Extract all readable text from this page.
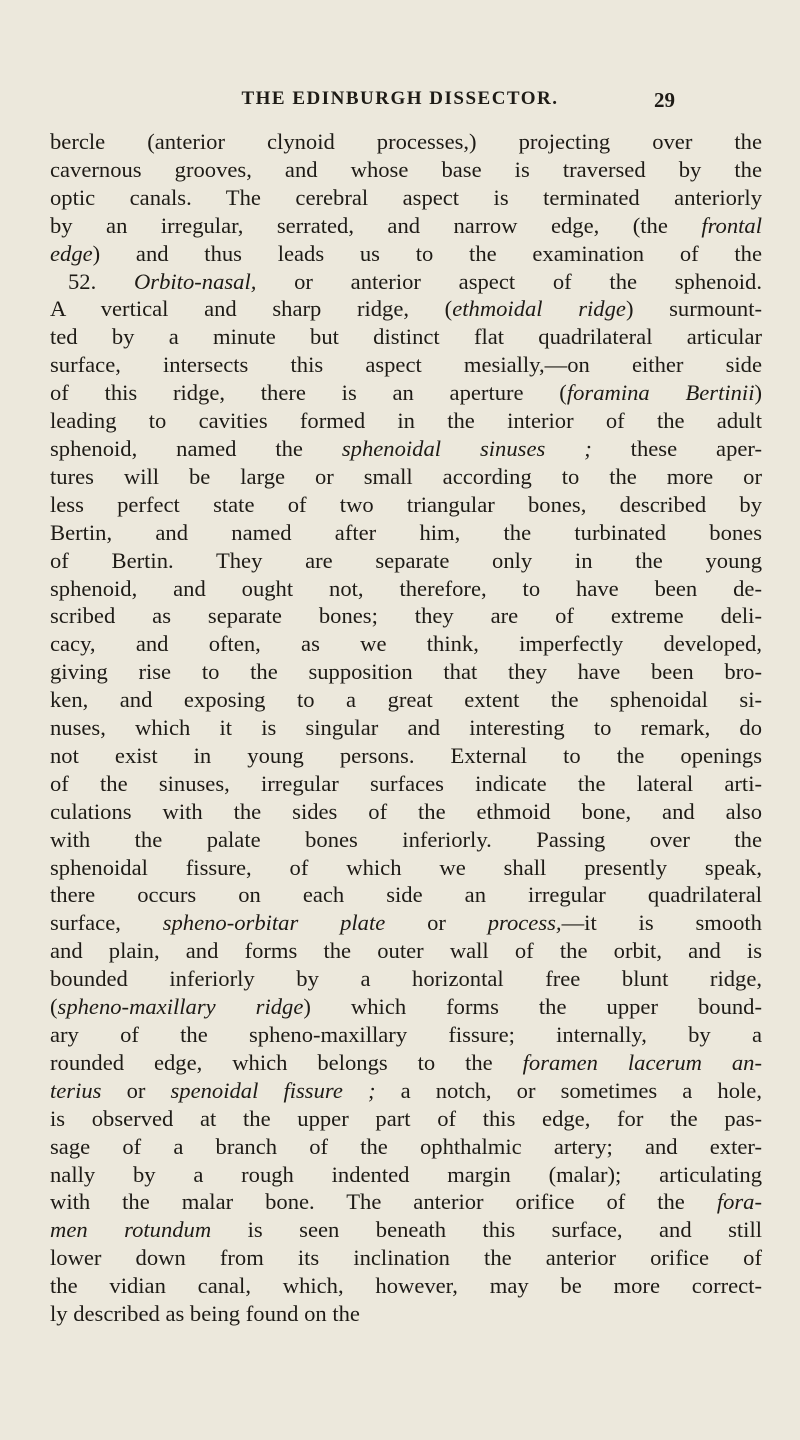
THE EDINBURGH DISSECTOR.	29
bercle (anterior clynoid processes,) projecting over the
cavernous grooves, and whose base is traversed by the
optic canals. The cerebral aspect is terminated anteriorly
by an irregular, serrated, and narrow edge, (the frontal
edge) and thus leads us to the examination of the
52. Orbito-nasal, or anterior aspect of the sphenoid.
A vertical and sharp ridge, (ethmoidal ridge) surmount-
ted by a minute but distinct flat quadrilateral articular
surface, intersects this aspect mesially,—on either side
of this ridge, there is an aperture (foramina Bertinii)
leading to cavities formed in the interior of the adult
sphenoid, named the sphenoidal sinuses ; these aper-
tures will be large or small according to the more or
less perfect state of two triangular bones, described by
Bertin, and named after him, the turbinated bones
of Bertin. They are separate only in the young
sphenoid, and ought not, therefore, to have been de-
scribed as separate bones; they are of extreme deli-
cacy, and often, as we think, imperfectly developed,
giving rise to the supposition that they have been bro-
ken, and exposing to a great extent the sphenoidal si-
nuses, which it is singular and interesting to remark, do
not exist in young persons. External to the openings
of the sinuses, irregular surfaces indicate the lateral arti-
culations with the sides of the ethmoid bone, and also
with the palate bones inferiorly. Passing over the
sphenoidal fissure, of which we shall presently speak,
there occurs on each side an irregular quadrilateral
surface, spheno-orbitar plate or process,—it is smooth
and plain, and forms the outer wall of the orbit, and is
bounded inferiorly by a horizontal free blunt ridge,
(spheno-maxillary ridge) which forms the upper bound-
ary of the spheno-maxillary fissure; internally, by a
rounded edge, which belongs to the foramen lacerum an-
terius or spenoidal fissure ; a notch, or sometimes a hole,
is observed at the upper part of this edge, for the pas-
sage of a branch of the ophthalmic artery; and exter-
nally by a rough indented margin (malar); articulating
with the malar bone. The anterior orifice of the fora-
men rotundum is seen beneath this surface, and still
lower down from its inclination the anterior orifice of
the vidian canal, which, however, may be more correct-
ly described as being found on the
